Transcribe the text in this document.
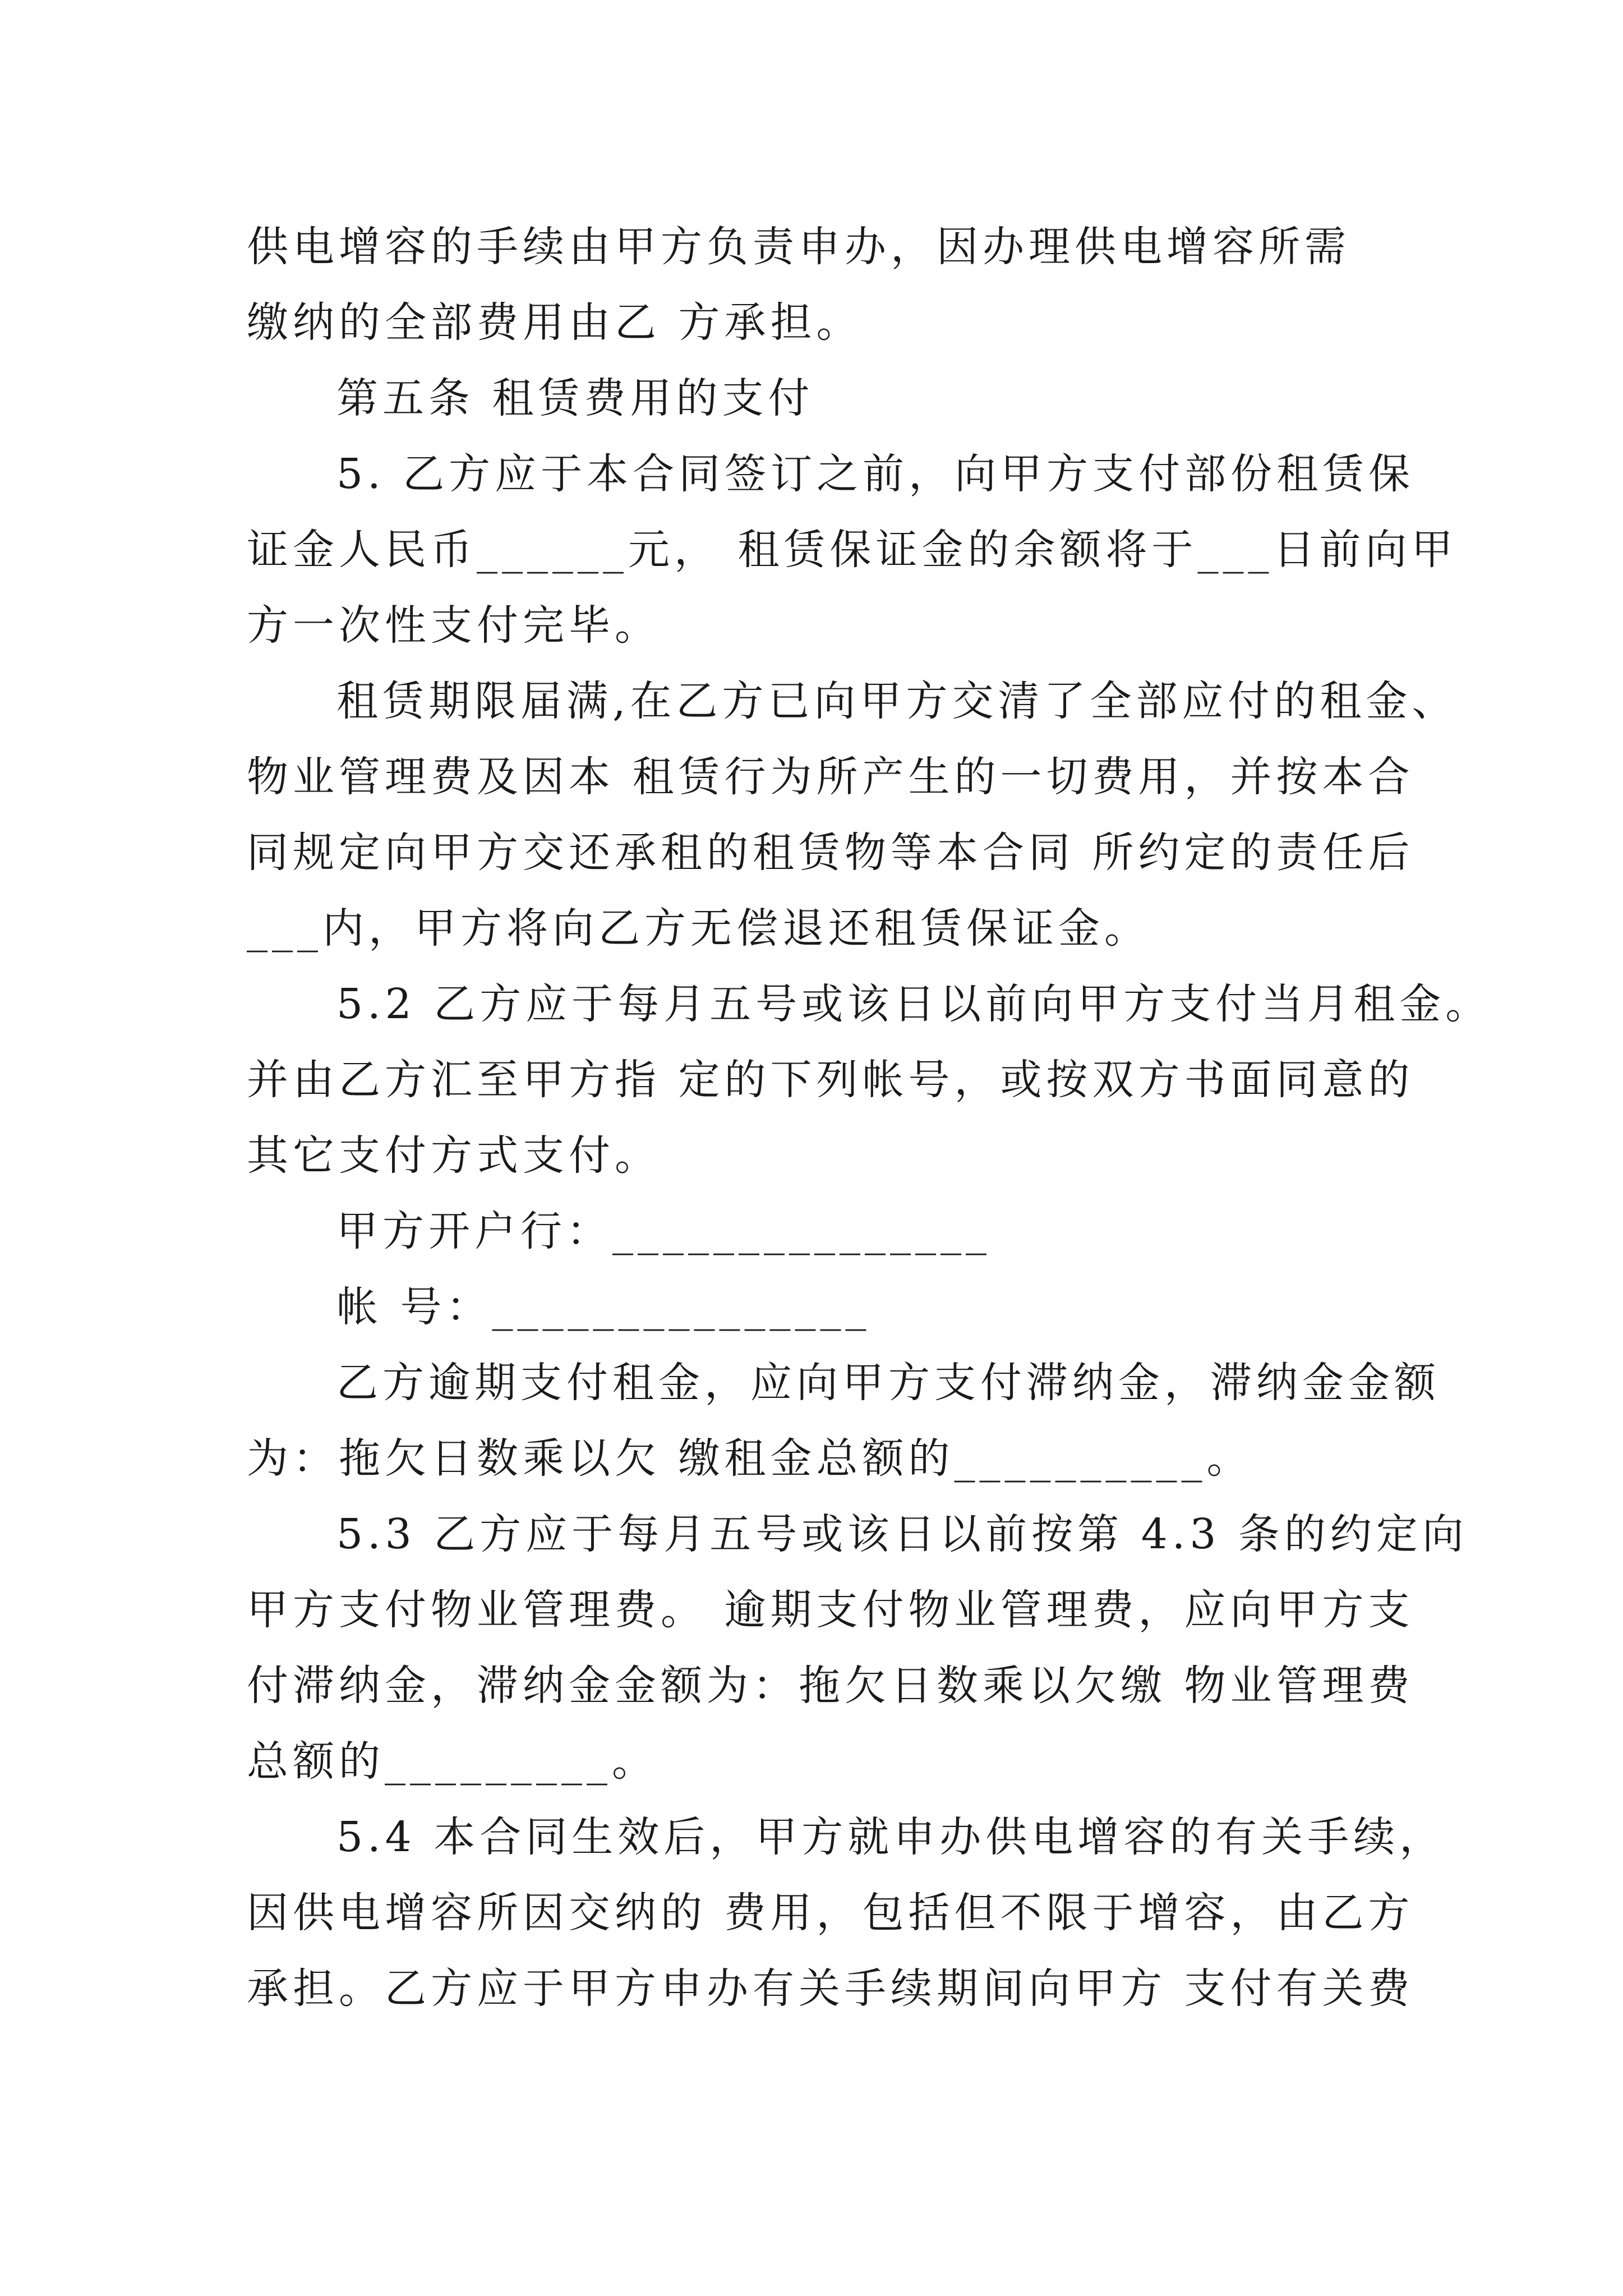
供电增容的手续由甲方负责申办，因办理供电增容所需
缴纳的全部费用由乙 方承担。
第五条 租赁费用的支付
5. 乙方应于本合同签订之前，向甲方支付部份租赁保
证金人民币______元， 租赁保证金的余额将于___日前向甲
方一次性支付完毕。
租赁期限届满,在乙方已向甲方交清了全部应付的租金、
物业管理费及因本 租赁行为所产生的一切费用，并按本合
同规定向甲方交还承租的租赁物等本合同 所约定的责任后
___内，甲方将向乙方无偿退还租赁保证金。
5.2 乙方应于每月五号或该日以前向甲方支付当月租金。
并由乙方汇至甲方指 定的下列帐号，或按双方书面同意的
其它支付方式支付。
甲方开户行：_______________
帐 号：_______________
乙方逾期支付租金，应向甲方支付滞纳金，滞纳金金额
为：拖欠日数乘以欠 缴租金总额的__________。
5.3 乙方应于每月五号或该日以前按第 4.3 条的约定向
甲方支付物业管理费。 逾期支付物业管理费，应向甲方支
付滞纳金，滞纳金金额为：拖欠日数乘以欠缴 物业管理费
总额的_________。
5.4 本合同生效后，甲方就申办供电增容的有关手续，
因供电增容所因交纳的 费用，包括但不限于增容，由乙方
承担。乙方应于甲方申办有关手续期间向甲方 支付有关费
